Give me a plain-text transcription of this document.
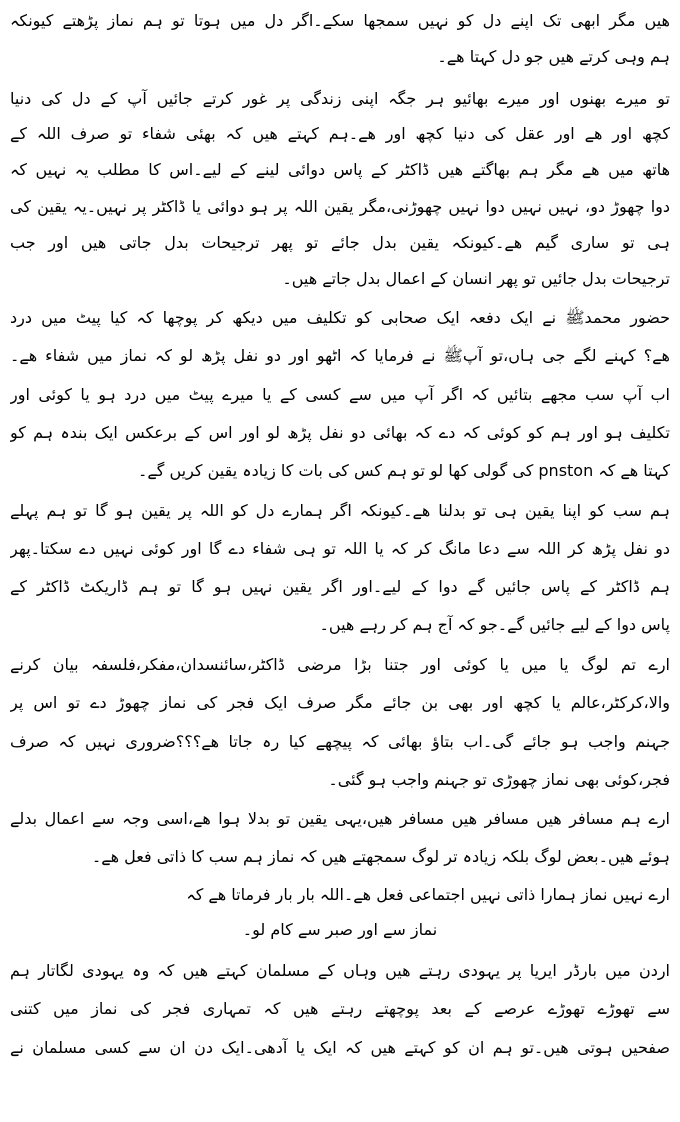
ھیں مگر ابھی تک اپنے دل کو نہیں سمجھا سکے۔اگر دل میں ہوتا تو ہم نماز پڑھتے کیونکہ
ہم وہی کرتے ھیں جو دل کہتا ھے۔
تو میرے بھنوں اور میرے بھائیو ہر جگہ اپنی زندگی پر غور کرتے جائیں آپ کے دل کی دنیا
کچھ اور ھے اور عقل کی دنیا کچھ اور ھے۔ہم کہتے ھیں کہ بھئی شفاء تو صرف اللہ کے
ھاتھ میں ھے مگر ہم بھاگتے ھیں ڈاکٹر کے پاس دوائی لینے کے لیے۔اس کا مطلب یہ نہیں کہ
دوا چھوڑ دو، نہیں نہیں دوا نہیں چھوڑنی،مگر یقین اللہ پر ہو دوائی یا ڈاکٹر پر نہیں۔یہ یقین کی
ہی تو ساری گیم ھے۔کیونکہ یقین بدل جائے تو پھر ترجیحات بدل جاتی ھیں اور جب
ترجیحات بدل جائیں تو پھر انسان کے اعمال بدل جاتے ھیں۔
حضور محمدﷺ نے ایک دفعہ ایک صحابی کو تکلیف میں دیکھ کر پوچھا کہ کیا پیٹ میں درد
ھے؟ کہنے لگے جی ہاں،تو آپﷺ نے فرمایا کہ اٹھو اور دو نفل پڑھ لو کہ نماز میں شفاء ھے۔
اب آپ سب مجھے بتائیں کہ اگر آپ میں سے کسی کے یا میرے پیٹ میں درد ہو یا کوئی اور
تکلیف ہو اور ہم کو کوئی کہ دے کہ بھائی دو نفل پڑھ لو اور اس کے برعکس ایک بندہ ہم کو
کہتا ھے کہ pnston کی گولی کھا لو تو ہم کس کی بات کا زیادہ یقین کریں گے۔
ہم سب کو اپنا یقین ہی تو بدلنا ھے۔کیونکہ اگر ہمارے دل کو اللہ پر یقین ہو گا تو ہم پہلے
دو نفل پڑھ کر اللہ سے دعا مانگ کر کہ یا اللہ تو ہی شفاء دے گا اور کوئی نہیں دے سکتا۔پھر
ہم ڈاکٹر کے پاس جائیں گے دوا کے لیے۔اور اگر یقین نہیں ہو گا تو ہم ڈاریکٹ ڈاکٹر کے
پاس دوا کے لیے جائیں گے۔جو کہ آج ہم کر رہے ھیں۔
ارے تم لوگ یا میں یا کوئی اور جتنا بڑا مرضی ڈاکٹر،سائنسدان،مفکر،فلسفہ بیان کرنے
والا،کرکٹر،عالم یا کچھ اور بھی بن جائے مگر صرف ایک فجر کی نماز چھوڑ دے تو اس پر
جہنم واجب ہو جائے گی۔اب بتاؤ بھائی کہ پیچھے کیا رہ جاتا ھے؟؟؟ضروری نہیں کہ صرف
فجر،کوئی بھی نماز چھوڑی تو جہنم واجب ہو گئی۔
ارے ہم مسافر ھیں مسافر ھیں مسافر ھیں،یہی یقین تو بدلا ہوا ھے،اسی وجہ سے اعمال بدلے
ہوئے ھیں۔بعض لوگ بلکہ زیادہ تر لوگ سمجھتے ھیں کہ نماز ہم سب کا ذاتی فعل ھے۔
ارے نہیں نماز ہمارا ذاتی نہیں اجتماعی فعل ھے۔اللہ بار بار فرماتا ھے کہ
نماز سے اور صبر سے کام لو۔
اردن میں بارڈر ایریا پر یہودی رہتے ھیں وہاں کے مسلمان کہتے ھیں کہ وہ یہودی لگاتار ہم
سے تھوڑے تھوڑے عرصے کے بعد پوچھتے رہتے ھیں کہ تمہاری فجر کی نماز میں کتنی
صفحیں ہوتی ھیں۔تو ہم ان کو کہتے ھیں کہ ایک یا آدھی۔ایک دن ان سے کسی مسلمان نے
